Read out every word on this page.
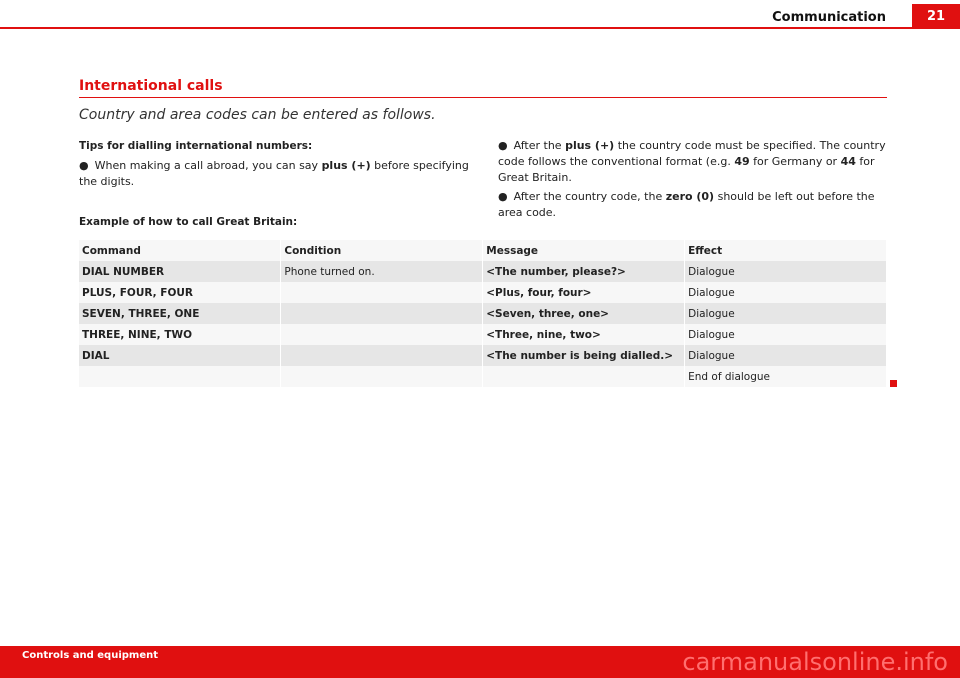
Communication	21
International calls
Country and area codes can be entered as follows.
Tips for dialling international numbers:
● When making a call abroad, you can say plus (+) before specifying the digits.
● After the plus (+) the country code must be specified. The country code follows the conventional format (e.g. 49 for Germany or 44 for Great Britain.
● After the country code, the zero (0) should be left out before the area code.
Example of how to call Great Britain:
Command	Condition	Message	Effect
DIAL NUMBER	Phone turned on.	<The number, please?>	Dialogue
PLUS, FOUR, FOUR		<Plus, four, four>	Dialogue
SEVEN, THREE, ONE		<Seven, three, one>	Dialogue
THREE, NINE, TWO		<Three, nine, two>	Dialogue
DIAL		<The number is being dialled.>	Dialogue
			End of dialogue
Controls and equipment	carmanualsonline.info
